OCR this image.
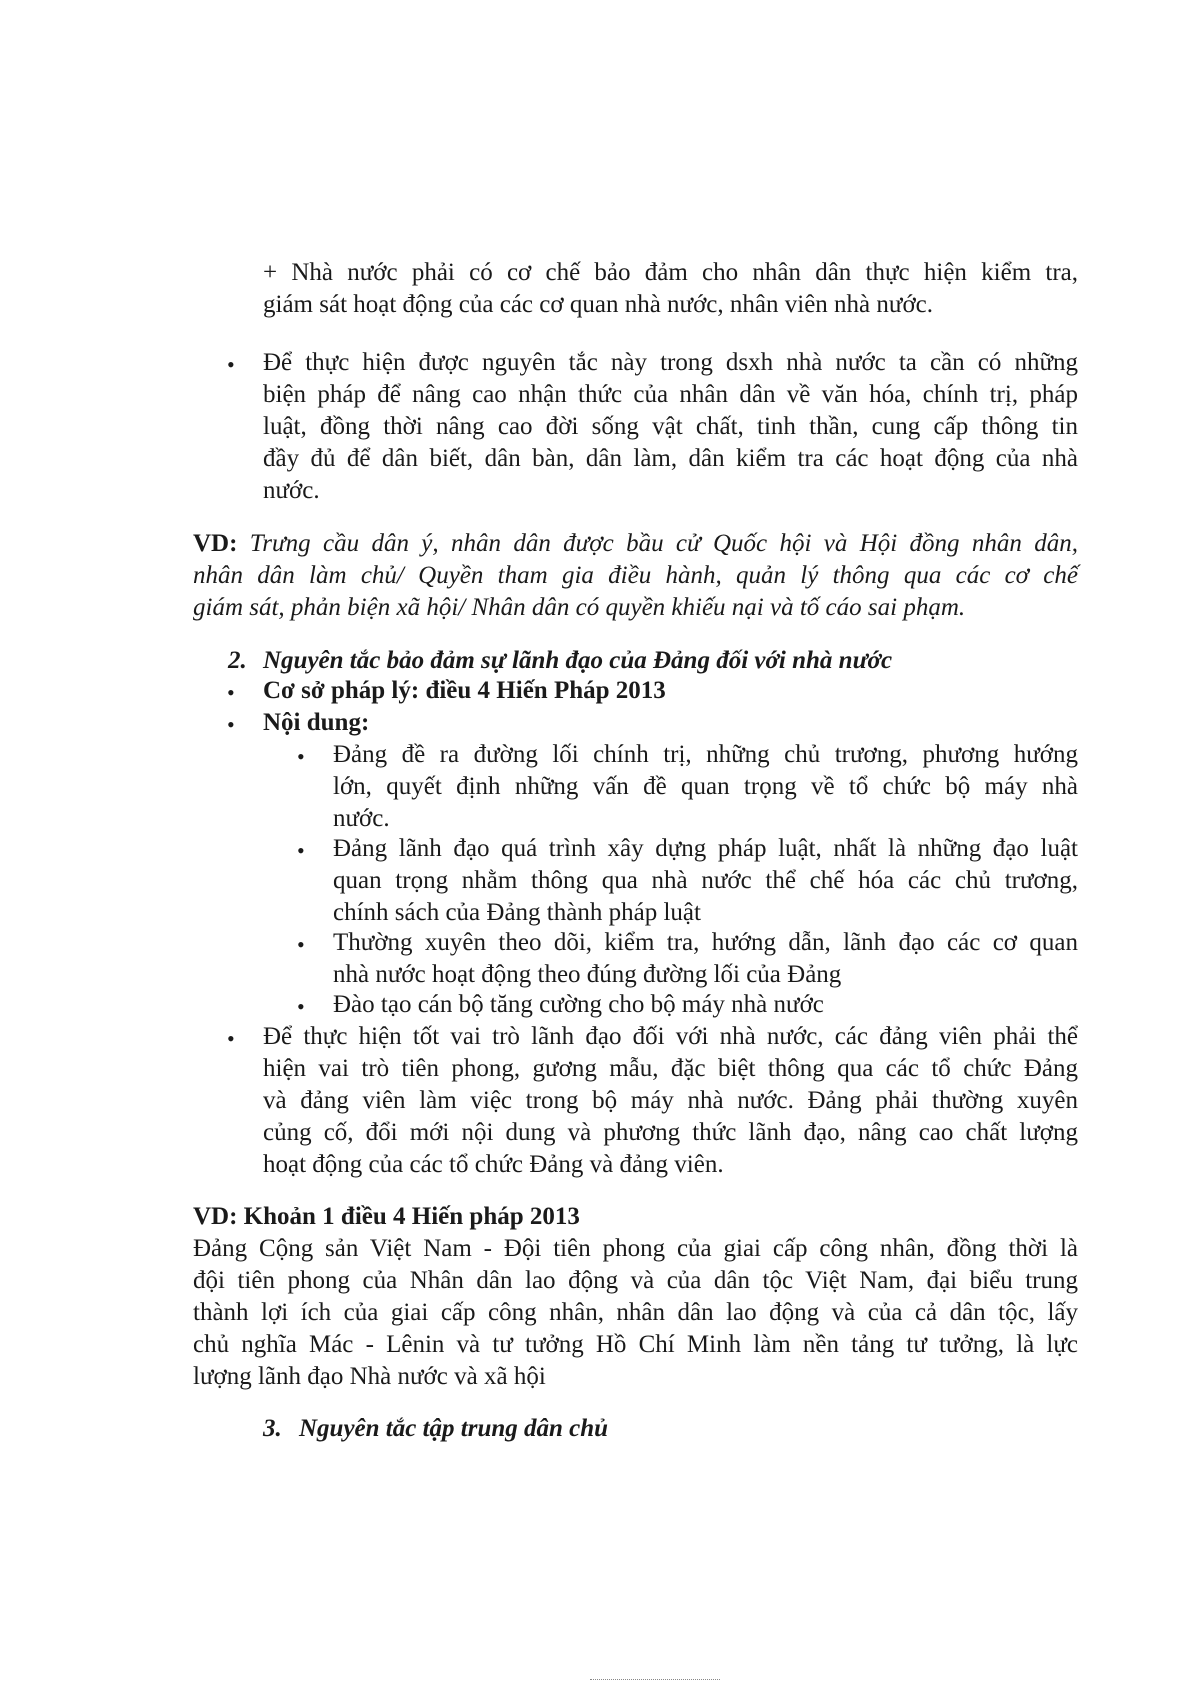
+ Nhà nước phải có cơ chế bảo đảm cho nhân dân thực hiện kiểm tra,
giám sát hoạt động của các cơ quan nhà nước, nhân viên nhà nước.
• Để thực hiện được nguyên tắc này trong dsxh nhà nước ta cần có những
biện pháp để nâng cao nhận thức của nhân dân về văn hóa, chính trị, pháp
luật, đồng thời nâng cao đời sống vật chất, tinh thần, cung cấp thông tin
đầy đủ để dân biết, dân bàn, dân làm, dân kiểm tra các hoạt động của nhà
nước.
VD: Trưng cầu dân ý, nhân dân được bầu cử Quốc hội và Hội đồng nhân dân,
nhân dân làm chủ/ Quyền tham gia điều hành, quản lý thông qua các cơ chế
giám sát, phản biện xã hội/ Nhân dân có quyền khiếu nại và tố cáo sai phạm.
2. Nguyên tắc bảo đảm sự lãnh đạo của Đảng đối với nhà nước
• Cơ sở pháp lý: điều 4 Hiến Pháp 2013
• Nội dung:
• Đảng đề ra đường lối chính trị, những chủ trương, phương hướng
lớn, quyết định những vấn đề quan trọng về tổ chức bộ máy nhà
nước.
• Đảng lãnh đạo quá trình xây dựng pháp luật, nhất là những đạo luật
quan trọng nhằm thông qua nhà nước thể chế hóa các chủ trương,
chính sách của Đảng thành pháp luật
• Thường xuyên theo dõi, kiểm tra, hướng dẫn, lãnh đạo các cơ quan
nhà nước hoạt động theo đúng đường lối của Đảng
• Đào tạo cán bộ tăng cường cho bộ máy nhà nước
• Để thực hiện tốt vai trò lãnh đạo đối với nhà nước, các đảng viên phải thể
hiện vai trò tiên phong, gương mẫu, đặc biệt thông qua các tổ chức Đảng
và đảng viên làm việc trong bộ máy nhà nước. Đảng phải thường xuyên
củng cố, đổi mới nội dung và phương thức lãnh đạo, nâng cao chất lượng
hoạt động của các tổ chức Đảng và đảng viên.
VD: Khoản 1 điều 4 Hiến pháp 2013
Đảng Cộng sản Việt Nam - Đội tiên phong của giai cấp công nhân, đồng thời là
đội tiên phong của Nhân dân lao động và của dân tộc Việt Nam, đại biểu trung
thành lợi ích của giai cấp công nhân, nhân dân lao động và của cả dân tộc, lấy
chủ nghĩa Mác - Lênin và tư tưởng Hồ Chí Minh làm nền tảng tư tưởng, là lực
lượng lãnh đạo Nhà nước và xã hội
3. Nguyên tắc tập trung dân chủ
